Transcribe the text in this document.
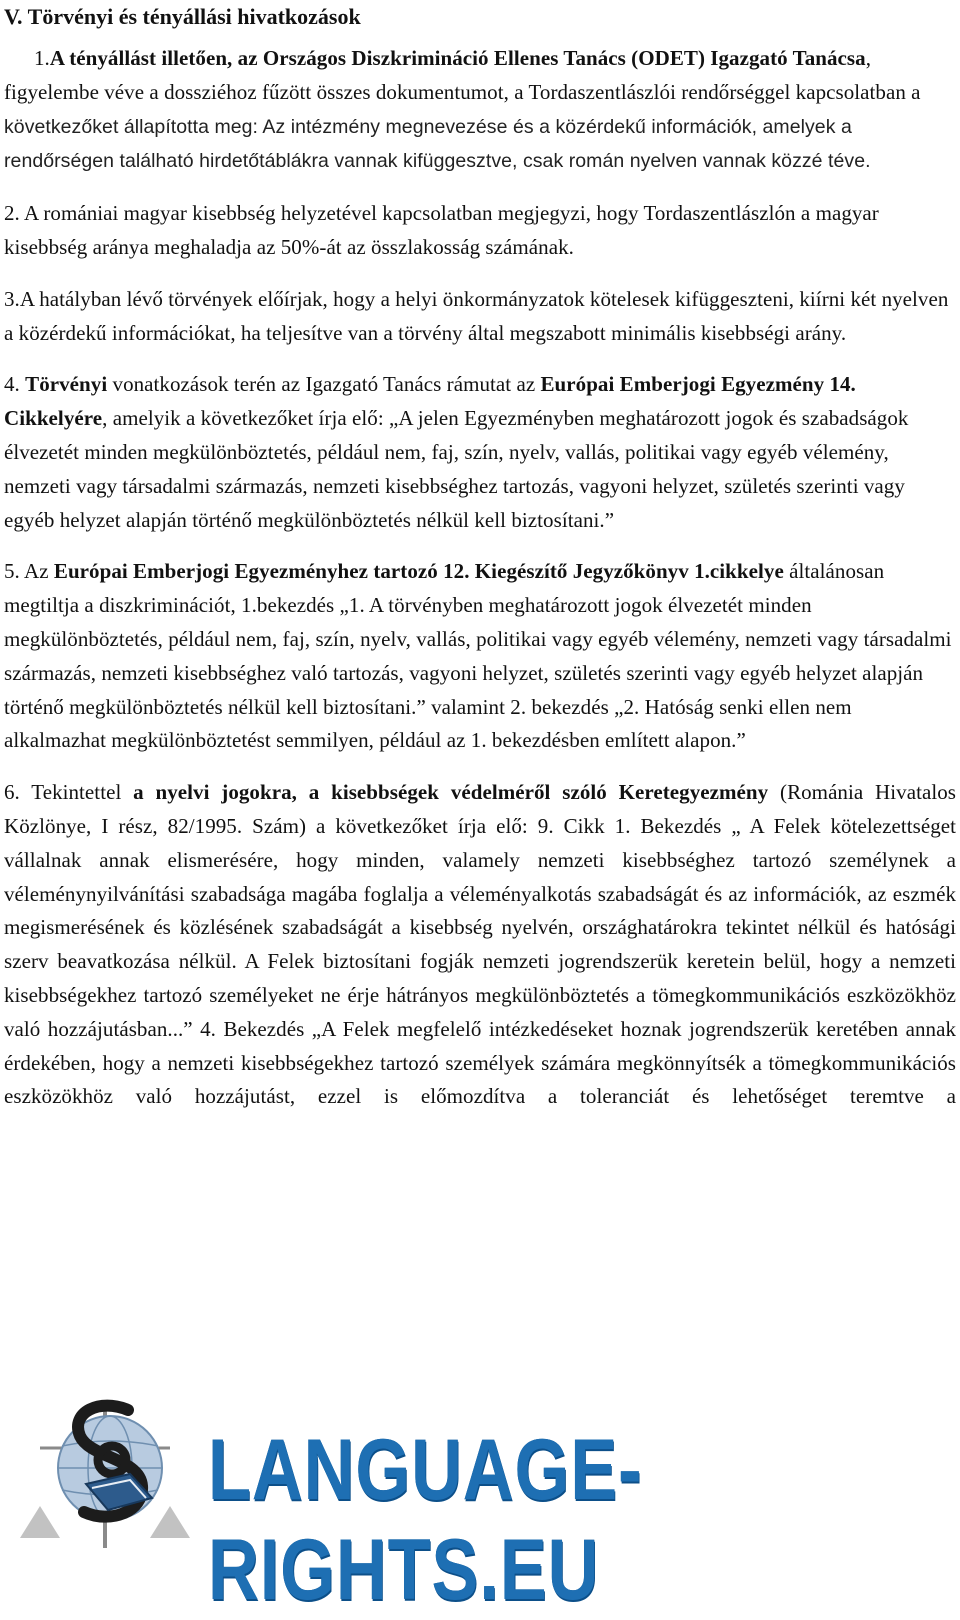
V. Törvényi és tényállási hivatkozások

1.A tényállást illetően, az Országos Diszkrimináció Ellenes Tanács (ODET) Igazgató Tanácsa, figyelembe véve a dossziéhoz fűzött összes dokumentumot, a Tordaszentlászlói rendőrséggel kapcsolatban a következőket állapította meg: Az intézmény megnevezése és a közérdekű információk, amelyek a rendőrségen található hirdetőtáblákra vannak kifüggesztve, csak román nyelven vannak közzé téve.

2. A romániai magyar kisebbség helyzetével kapcsolatban megjegyzi, hogy Tordaszentlászlón a magyar kisebbség aránya meghaladja az 50%-át az összlakosság számának.

3.A hatályban lévő törvények előírjak, hogy a helyi önkormányzatok kötelesek kifüggeszteni, kiírni két nyelven a közérdekű információkat, ha teljesítve van a törvény által megszabott minimális kisebbségi arány.

4. Törvényi vonatkozások terén az Igazgató Tanács rámutat az Európai Emberjogi Egyezmény 14. Cikkelyére, amelyik a következőket írja elő: „A jelen Egyezményben meghatározott jogok és szabadságok élvezetét minden megkülönböztetés, például nem, faj, szín, nyelv, vallás, politikai vagy egyéb vélemény, nemzeti vagy társadalmi származás, nemzeti kisebbséghez tartozás, vagyoni helyzet, születés szerinti vagy egyéb helyzet alapján történő megkülönböztetés nélkül kell biztosítani.”

5. Az Európai Emberjogi Egyezményhez tartozó 12. Kiegészítő Jegyzőkönyv 1.cikkelye általánosan megtiltja a diszkriminációt, 1.bekezdés „1. A törvényben meghatározott jogok élvezetét minden megkülönböztetés, például nem, faj, szín, nyelv, vallás, politikai vagy egyéb vélemény, nemzeti vagy társadalmi származás, nemzeti kisebbséghez való tartozás, vagyoni helyzet, születés szerinti vagy egyéb helyzet alapján történő megkülönböztetés nélkül kell biztosítani.” valamint 2. bekezdés „2. Hatóság senki ellen nem alkalmazhat megkülönböztetést semmilyen, például az 1. bekezdésben említett alapon.”

6. Tekintettel a nyelvi jogokra, a kisebbségek védelméről szóló Keretegyezmény (Románia Hivatalos Közlönye, I rész, 82/1995. Szám) a következőket írja elő: 9. Cikk 1. Bekezdés „ A Felek kötelezettséget vállalnak annak elismerésére, hogy minden, valamely nemzeti kisebbséghez tartozó személynek a véleménynyilvánítási szabadsága magába foglalja a véleményalkotás szabadságát és az információk, az eszmék megismerésének és közlésének szabadságát a kisebbség nyelvén, országhatárokra tekintet nélkül és hatósági szerv beavatkozása nélkül. A Felek biztosítani fogják nemzeti jogrendszerük keretein belül, hogy a nemzeti kisebbségekhez tartozó személyeket ne érje hátrányos megkülönböztetés a tömegkommunikációs eszközökhöz való hozzájutásban...” 4. Bekezdés „A Felek megfelelő intézkedéseket hoznak jogrendszerük keretében annak érdekében, hogy a nemzeti kisebbségekhez tartozó személyek számára megkönnyítsék a tömegkommunikációs eszközökhöz való hozzájutást, ezzel is előmozdítva a toleranciát és lehetőséget teremtve a

LANGUAGE-RIGHTS.EU
